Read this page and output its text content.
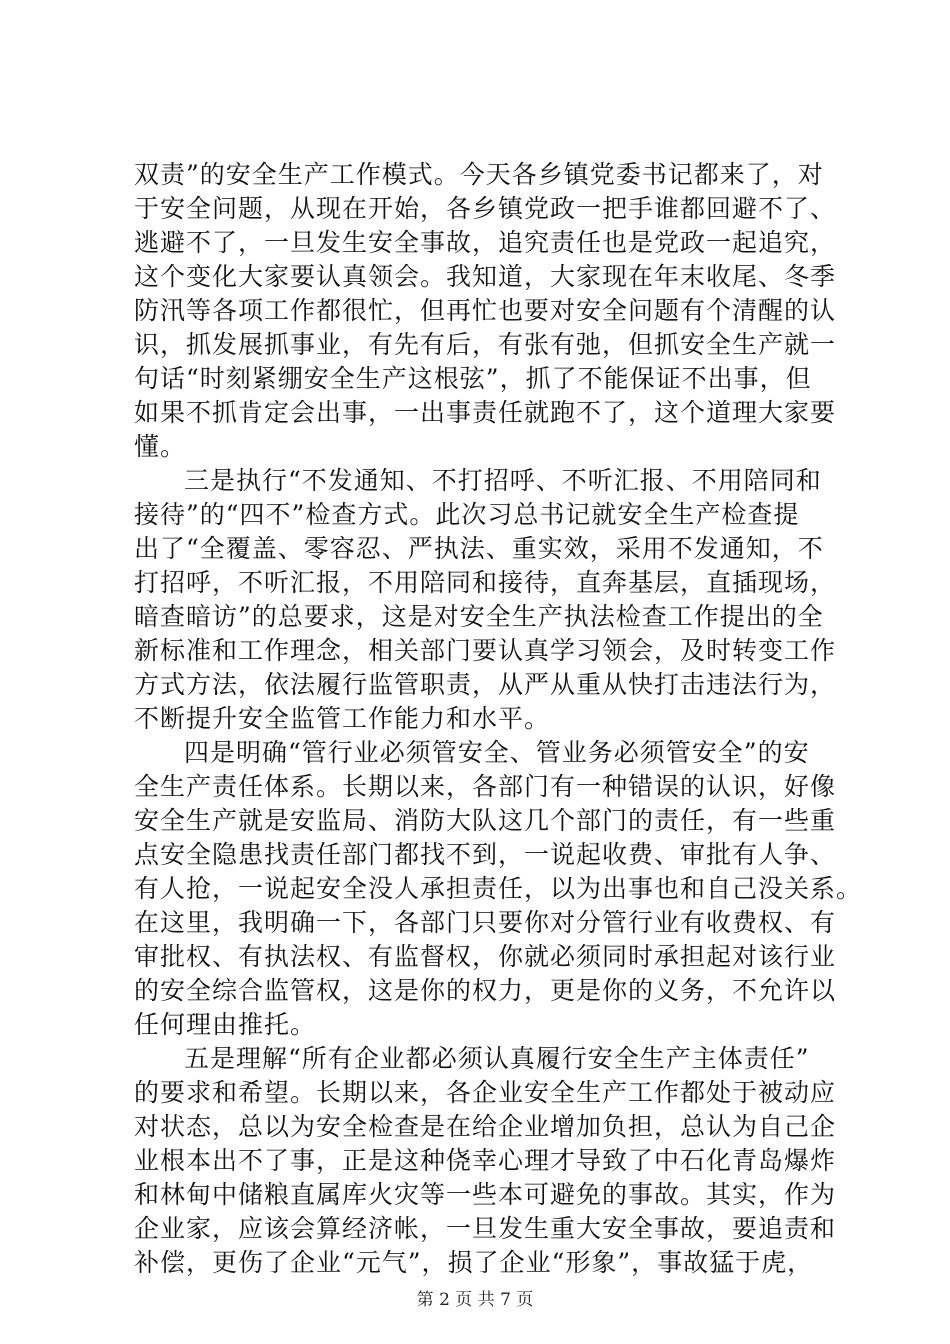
双责”的安全生产工作模式。今天各乡镇党委书记都来了，对
于安全问题，从现在开始，各乡镇党政一把手谁都回避不了、
逃避不了，一旦发生安全事故，追究责任也是党政一起追究，
这个变化大家要认真领会。我知道，大家现在年末收尾、冬季
防汛等各项工作都很忙，但再忙也要对安全问题有个清醒的认
识，抓发展抓事业，有先有后，有张有弛，但抓安全生产就一
句话“时刻紧绷安全生产这根弦”，抓了不能保证不出事，但
如果不抓肯定会出事，一出事责任就跑不了，这个道理大家要
懂。
三是执行“不发通知、不打招呼、不听汇报、不用陪同和
接待”的“四不”检查方式。此次习总书记就安全生产检查提
出了“全覆盖、零容忍、严执法、重实效，采用不发通知，不
打招呼，不听汇报，不用陪同和接待，直奔基层，直插现场，
暗查暗访”的总要求，这是对安全生产执法检查工作提出的全
新标准和工作理念，相关部门要认真学习领会，及时转变工作
方式方法，依法履行监管职责，从严从重从快打击违法行为，
不断提升安全监管工作能力和水平。
四是明确“管行业必须管安全、管业务必须管安全”的安
全生产责任体系。长期以来，各部门有一种错误的认识，好像
安全生产就是安监局、消防大队这几个部门的责任，有一些重
点安全隐患找责任部门都找不到，一说起收费、审批有人争、
有人抢，一说起安全没人承担责任，以为出事也和自己没关系。
在这里，我明确一下，各部门只要你对分管行业有收费权、有
审批权、有执法权、有监督权，你就必须同时承担起对该行业
的安全综合监管权，这是你的权力，更是你的义务，不允许以
任何理由推托。
五是理解“所有企业都必须认真履行安全生产主体责任”
的要求和希望。长期以来，各企业安全生产工作都处于被动应
对状态，总以为安全检查是在给企业增加负担，总认为自己企
业根本出不了事，正是这种侥幸心理才导致了中石化青岛爆炸
和林甸中储粮直属库火灾等一些本可避免的事故。其实，作为
企业家，应该会算经济帐，一旦发生重大安全事故，要追责和
补偿，更伤了企业“元气”，损了企业“形象”，事故猛于虎，
第 2 页 共 7 页
